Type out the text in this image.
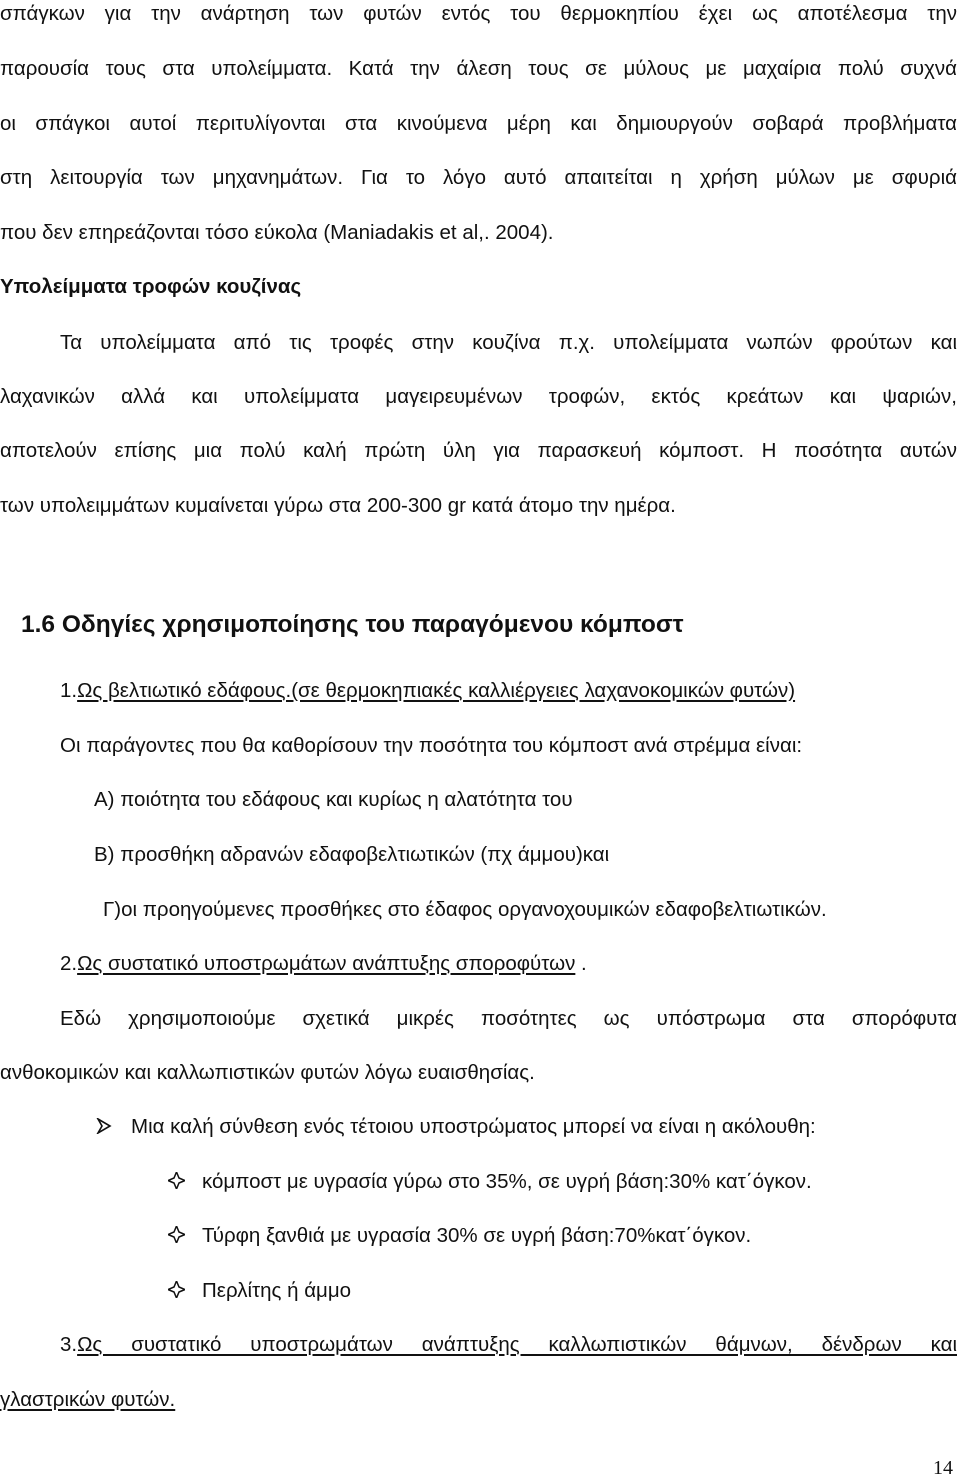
σπάγκων για την ανάρτηση των φυτών εντός του θερμοκηπίου έχει ως αποτέλεσμα την
παρουσία τους στα υπολείμματα. Κατά την άλεση τους σε μύλους με μαχαίρια πολύ συχνά
οι σπάγκοι αυτοί περιτυλίγονται στα κινούμενα μέρη και δημιουργούν σοβαρά προβλήματα
στη λειτουργία των μηχανημάτων. Για το λόγο αυτό απαιτείται η χρήση μύλων με σφυριά
που δεν επηρεάζονται τόσο εύκολα (Maniadakis et al,. 2004).
Υπολείμματα τροφών κουζίνας
Τα υπολείμματα από τις τροφές στην κουζίνα π.χ. υπολείμματα νωπών φρούτων και
λαχανικών αλλά και υπολείμματα μαγειρευμένων τροφών, εκτός κρεάτων και ψαριών,
αποτελούν επίσης μια πολύ καλή πρώτη ύλη για παρασκευή κόμποστ. Η ποσότητα αυτών
των υπολειμμάτων κυμαίνεται γύρω στα 200-300 gr κατά άτομο την ημέρα.
1.6 Οδηγίες χρησιμοποίησης του παραγόμενου κόμποστ
1.Ως βελτιωτικό εδάφους.(σε θερμοκηπιακές καλλιέργειες λαχανοκομικών φυτών)
Οι παράγοντες που θα καθορίσουν την ποσότητα του κόμποστ ανά στρέμμα είναι:
Α) ποιότητα του εδάφους και κυρίως η αλατότητα του
Β) προσθήκη αδρανών εδαφοβελτιωτικών (πχ άμμου)και
Γ)οι προηγούμενες προσθήκες στο έδαφος οργανοχουμικών εδαφοβελτιωτικών.
2.Ως συστατικό υποστρωμάτων ανάπτυξης σποροφύτων .
Εδώ χρησιμοποιούμε σχετικά μικρές ποσότητες ως υπόστρωμα στα σπορόφυτα
ανθοκομικών και καλλωπιστικών φυτών λόγω ευαισθησίας.
Μια καλή σύνθεση ενός τέτοιου υποστρώματος μπορεί να είναι η ακόλουθη:
κόμποστ με υγρασία γύρω στο 35%, σε υγρή βάση:30% κατ΄όγκον.
Τύρφη ξανθιά με υγρασία 30% σε υγρή βάση:70%κατ΄όγκον.
Περλίτης ή άμμο
3.Ως συστατικό υποστρωμάτων ανάπτυξης καλλωπιστικών θάμνων, δένδρων και
γλαστρικών φυτών.
14
